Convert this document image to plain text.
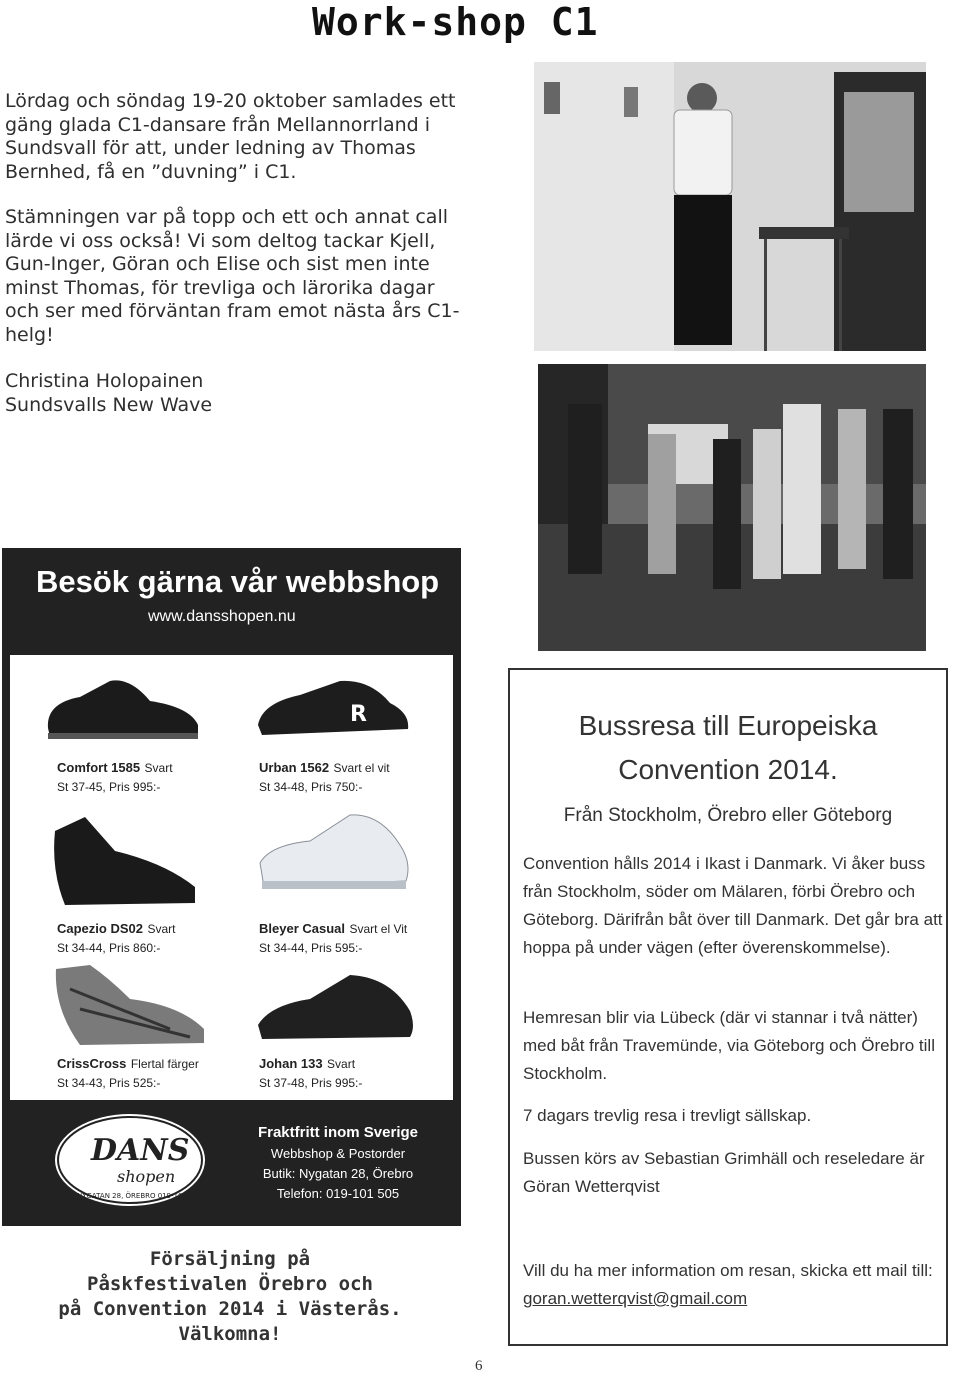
Work-shop C1

Lördag och söndag 19-20 oktober samlades ett gäng glada C1-dansare från Mellannorrland i Sundsvall för att, under ledning av Thomas Bernhed, få en ”duvning” i C1.

Stämningen var på topp och ett och annat call lärde vi oss också! Vi som deltog tackar Kjell, Gun-Inger, Göran och Elise och sist men inte minst Thomas, för trevliga och lärorika dagar och ser med förväntan fram emot nästa års C1-helg!

Christina Holopainen

Sundsvalls New Wave

Besök gärna vår webbshop
www.dansshopen.nu
Comfort 1585 Svart
St 37-45, Pris 995:-
R
Urban 1562 Svart el vit
St 34-48, Pris 750:-
Capezio DS02 Svart
St 34-44, Pris 860:-
Bleyer Casual Svart el Vit
St 34-44, Pris 595:-
CrissCross Flertal färger
St 34-43, Pris 525:-
Johan 133 Svart
St 37-48, Pris 995:-
DANS
shopen
NYGATAN 28, ÖREBRO 019-101 505
Fraktfritt inom Sverige
Webbshop & Postorder
Butik: Nygatan 28, Örebro
Telefon: 019-101 505
Försäljning på
Påskfestivalen Örebro och
på Convention 2014 i Västerås.
Välkomna!
Bussresa till Europeiska
Convention 2014.
Från Stockholm, Örebro eller Göteborg
Convention hålls 2014 i Ikast i Danmark. Vi åker buss från Stockholm, söder om Mälaren, förbi Örebro och Göteborg. Därifrån båt över till Danmark. Det går bra att hoppa på under vägen (efter överenskommelse).
Hemresan blir via Lübeck (där vi stannar i två nätter) med båt från Travemünde, via Göteborg och Örebro till Stockholm.
7 dagars trevlig resa i trevligt sällskap.
Bussen körs av Sebastian Grimhäll och reseledare är Göran Wetterqvist
Vill du ha mer information om resan, skicka ett mail till: goran.wetterqvist@gmail.com
6
